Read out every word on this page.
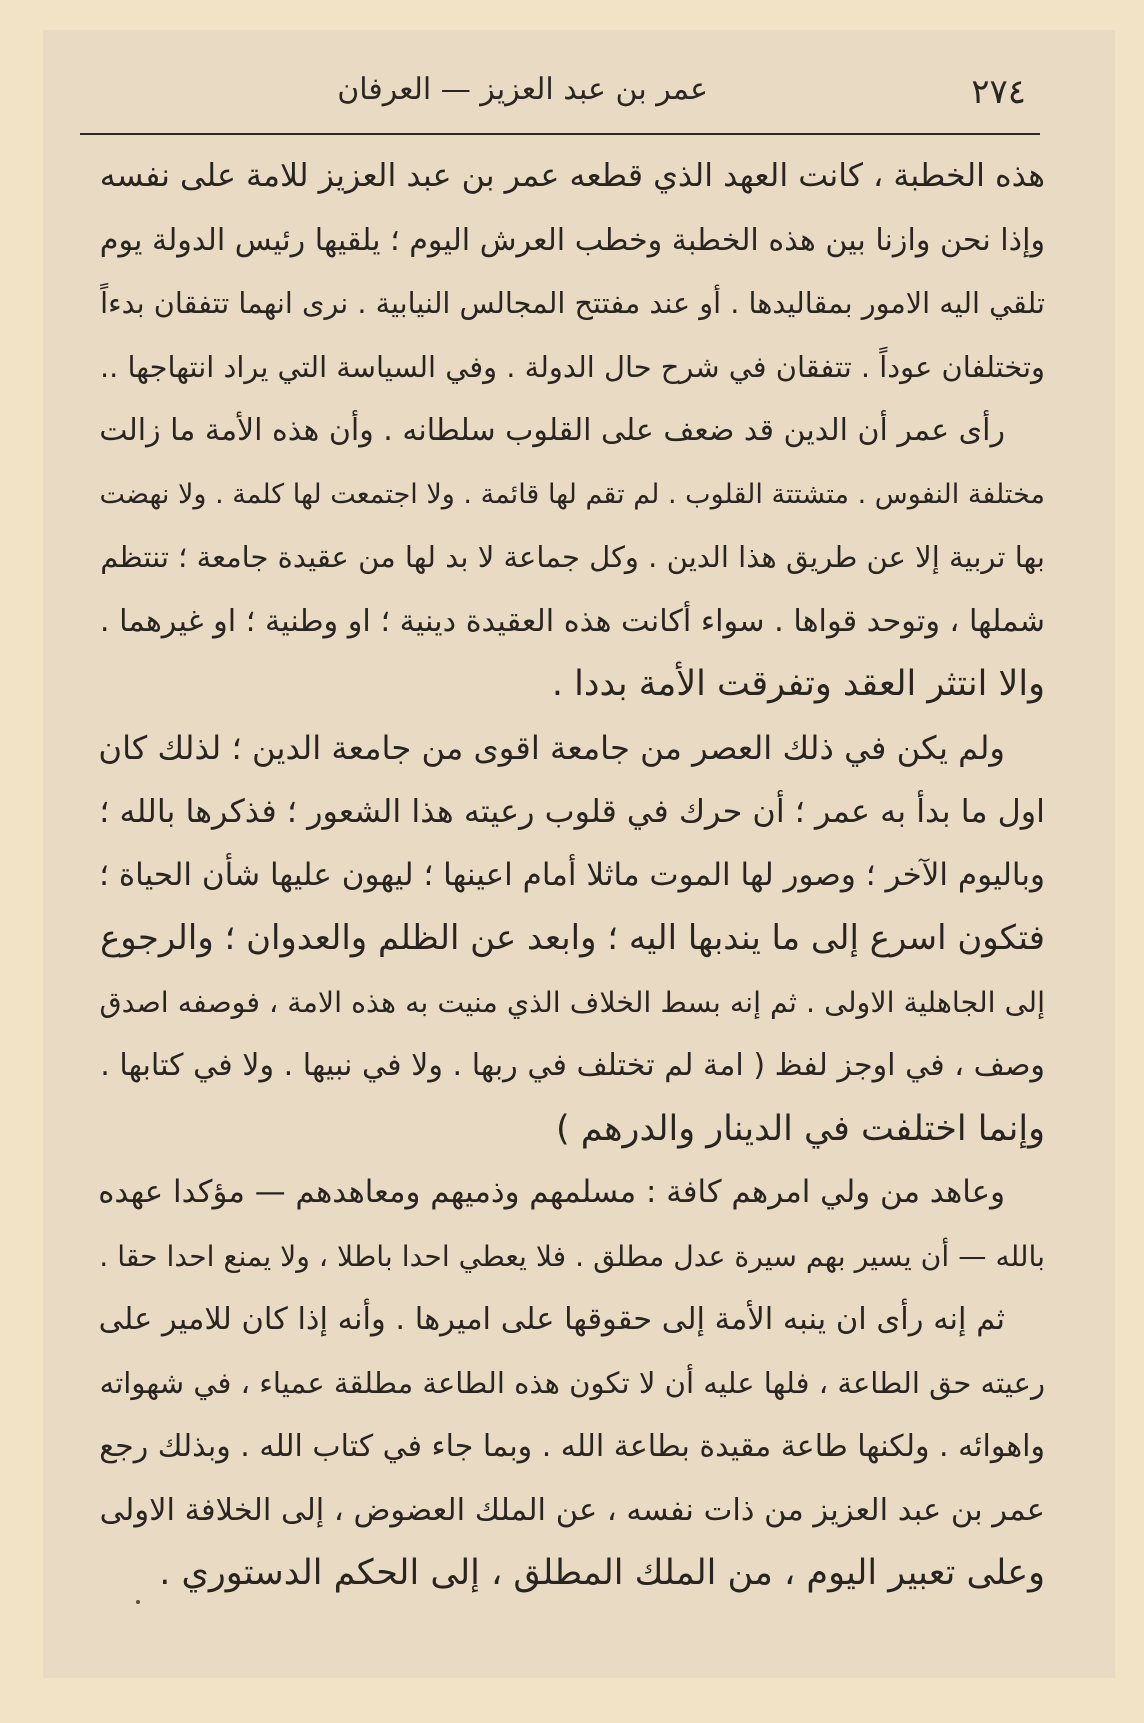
٢٧٤
عمر بن عبد العزيز — العرفان
هذه الخطبة ، كانت العهد الذي قطعه عمر بن عبد العزيز للامة على نفسه
وإذا نحن وازنا بين هذه الخطبة وخطب العرش اليوم ؛ يلقيها رئيس الدولة يوم
تلقي اليه الامور بمقاليدها . أو عند مفتتح المجالس النيابية . نرى انهما تتفقان بدءاً
وتختلفان عوداً . تتفقان في شرح حال الدولة . وفي السياسة التي يراد انتهاجها ..
رأى عمر أن الدين قد ضعف على القلوب سلطانه . وأن هذه الأمة ما زالت
مختلفة النفوس . متشتتة القلوب . لم تقم لها قائمة . ولا اجتمعت لها كلمة . ولا نهضت
بها تربية إلا عن طريق هذا الدين . وكل جماعة لا بد لها من عقيدة جامعة ؛ تنتظم
شملها ، وتوحد قواها . سواء أكانت هذه العقيدة دينية ؛ او وطنية ؛ او غيرهما .
والا انتثر العقد وتفرقت الأمة بددا .
ولم يكن في ذلك العصر من جامعة اقوى من جامعة الدين ؛ لذلك كان
اول ما بدأ به عمر ؛ أن حرك في قلوب رعيته هذا الشعور ؛ فذكرها بالله ؛
وباليوم الآخر ؛ وصور لها الموت ماثلا أمام اعينها ؛ ليهون عليها شأن الحياة ؛
فتكون اسرع إلى ما يندبها اليه ؛ وابعد عن الظلم والعدوان ؛ والرجوع
إلى الجاهلية الاولى . ثم إنه بسط الخلاف الذي منيت به هذه الامة ، فوصفه اصدق
وصف ، في اوجز لفظ ( امة لم تختلف في ربها . ولا في نبيها . ولا في كتابها .
وإنما اختلفت في الدينار والدرهم )
وعاهد من ولي امرهم كافة : مسلمهم وذميهم ومعاهدهم — مؤكدا عهده
بالله — أن يسير بهم سيرة عدل مطلق . فلا يعطي احدا باطلا ، ولا يمنع احدا حقا .
ثم إنه رأى ان ينبه الأمة إلى حقوقها على اميرها . وأنه إذا كان للامير على
رعيته حق الطاعة ، فلها عليه أن لا تكون هذه الطاعة مطلقة عمياء ، في شهواته
واهوائه . ولكنها طاعة مقيدة بطاعة الله . وبما جاء في كتاب الله . وبذلك رجع
عمر بن عبد العزيز من ذات نفسه ، عن الملك العضوض ، إلى الخلافة الاولى
وعلى تعبير اليوم ، من الملك المطلق ، إلى الحكم الدستوري .
